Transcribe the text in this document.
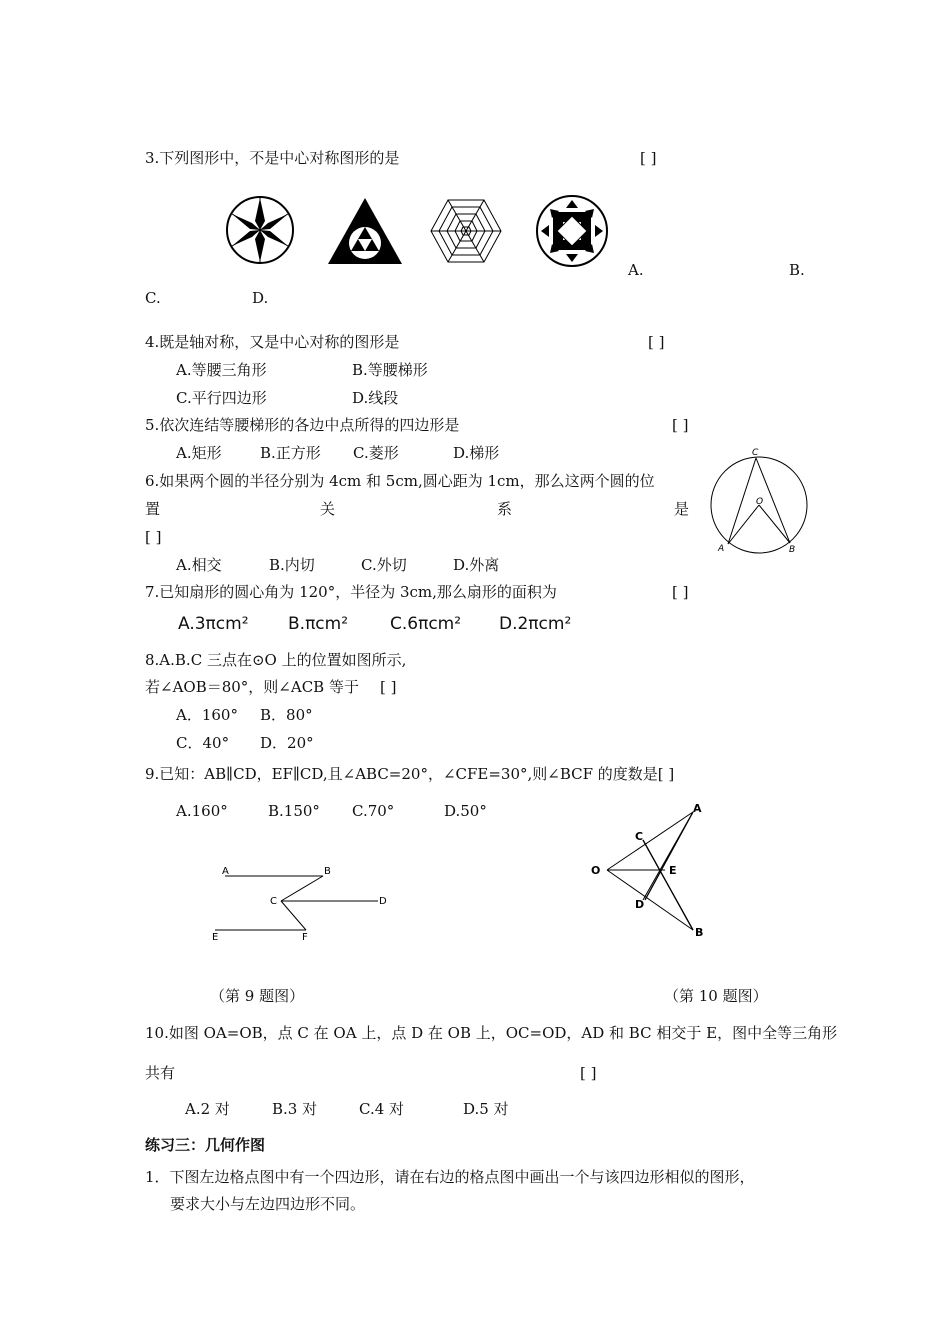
3.下列图形中，不是中心对称图形的是	[ ]
A.	B.
C.	D.
4.既是轴对称，又是中心对称的图形是	[ ]
A.等腰三角形	B.等腰梯形
C.平行四边形	D.线段
5.依次连结等腰梯形的各边中点所得的四边形是	[ ]
A.矩形	B.正方形 C.菱形	D.梯形
6.如果两个圆的半径分别为 4cm 和 5cm,圆心距为 1cm，那么这两个圆的位
置	关	系	是
[ ]
A.相交	B.内切	C.外切	D.外离
C
O
A	B
7.已知扇形的圆心角为 120°，半径为 3cm,那么扇形的面积为	[ ]
A.3πcm² B.πcm² C.6πcm² D.2πcm²
8.A.B.C 三点在⊙O 上的位置如图所示,
若∠AOB＝80°，则∠ACB 等于 [ ]
A．160° B．80°
C．40° D．20°
9.已知：AB∥CD，EF∥CD,且∠ABC=20°，∠CFE=30°,则∠BCF 的度数是[ ]
A.160°	B.150° C.70°	D.50°
A	B
C	D
E	F
A
C
O	E
D
B
（第 9 题图）	（第 10 题图）
10.如图 OA=OB，点 C 在 OA 上，点 D 在 OB 上，OC=OD，AD 和 BC 相交于 E，图中全等三角形
共有	[ ]
A.2 对	B.3 对	C.4 对	D.5 对
练习三：几何作图
1．下图左边格点图中有一个四边形，请在右边的格点图中画出一个与该四边形相似的图形，
要求大小与左边四边形不同。
